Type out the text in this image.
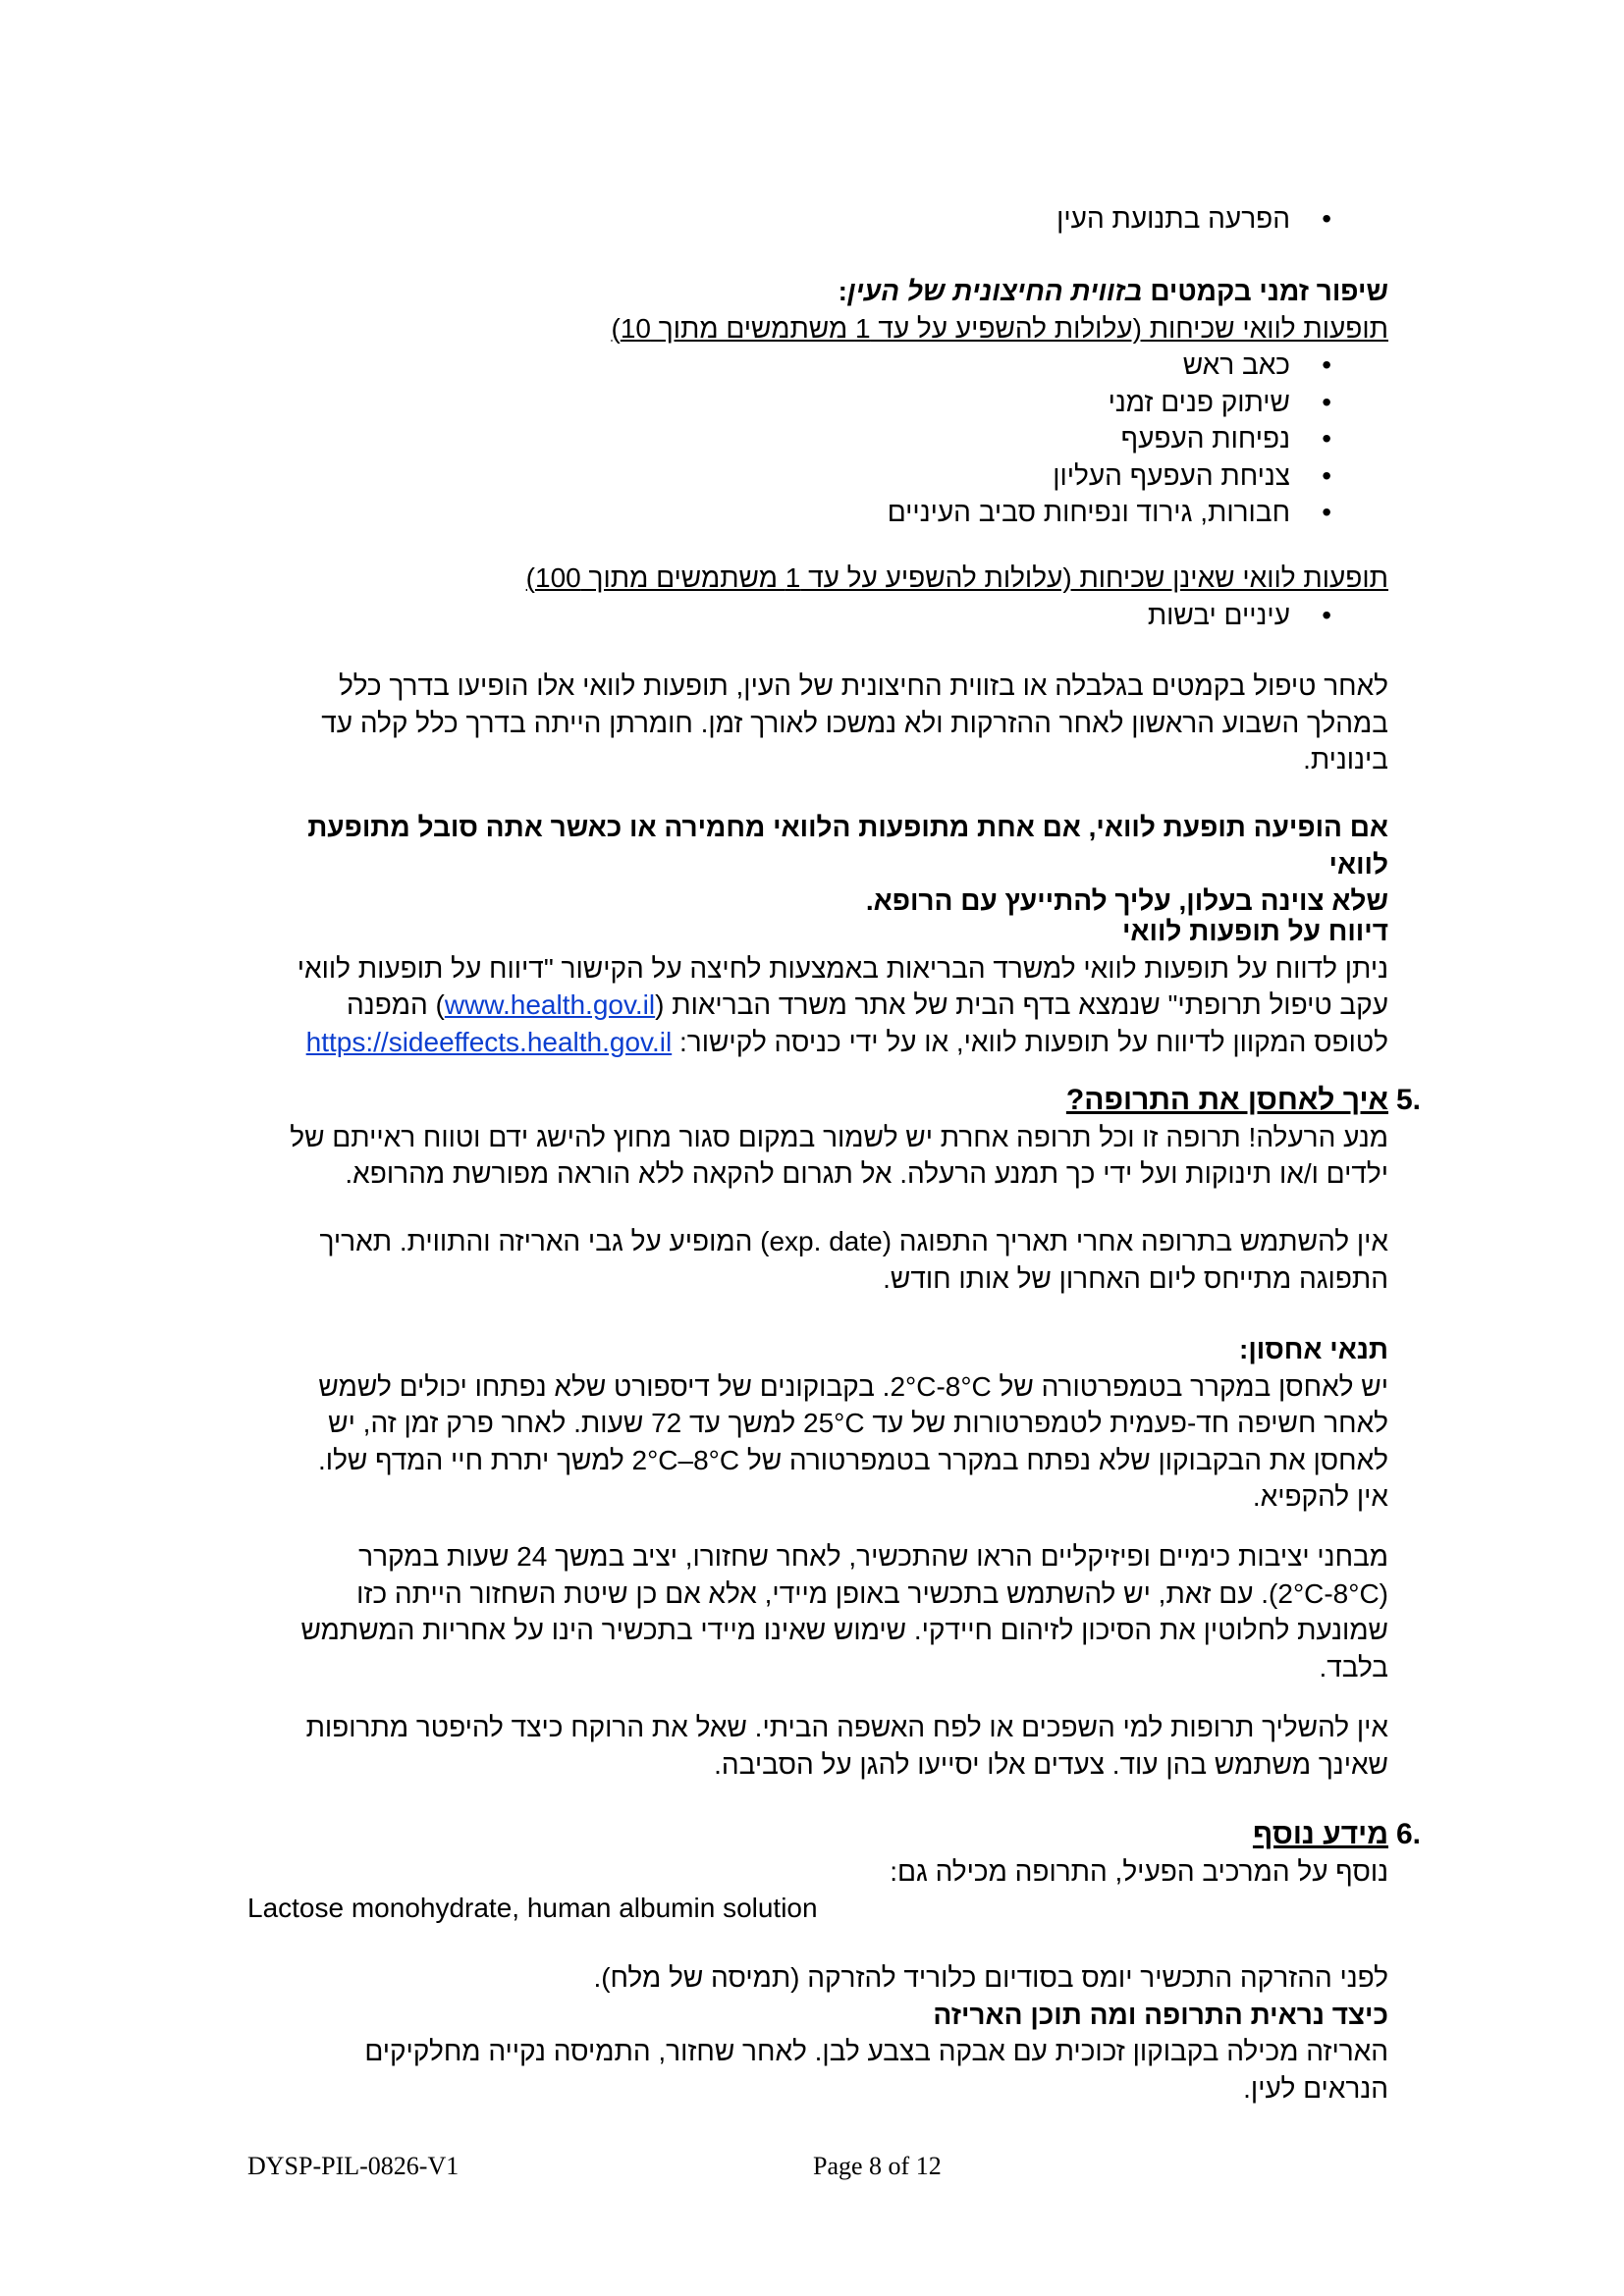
• הפרעה בתנועת העין

שיפור זמני בקמטים בזווית החיצונית של העין:

תופעות לוואי שכיחות (עלולות להשפיע על עד 1 משתמשים מתוך 10)

• כאב ראש
• שיתוק פנים זמני
• נפיחות העפעף
• צניחת העפעף העליון
• חבורות, גירוד ונפיחות סביב העיניים

תופעות לוואי שאינן שכיחות (עלולות להשפיע על עד 1 משתמשים מתוך 100)

• עיניים יבשות

לאחר טיפול בקמטים בגלבלה או בזווית החיצונית של העין, תופעות לוואי אלו הופיעו בדרך כלל

במהלך השבוע הראשון לאחר ההזרקות ולא נמשכו לאורך זמן. חומרתן הייתה בדרך כלל קלה עד

בינונית.

אם הופיעה תופעת לוואי, אם אחת מתופעות הלוואי מחמירה או כאשר אתה סובל מתופעת לוואי

שלא צוינה בעלון, עליך להתייעץ עם הרופא.

דיווח על תופעות לוואי

ניתן לדווח על תופעות לוואי למשרד הבריאות באמצעות לחיצה על הקישור "דיווח על תופעות לוואי

עקב טיפול תרופתי" שנמצא בדף הבית של אתר משרד הבריאות (www.health.gov.il) המפנה

לטופס המקוון לדיווח על תופעות לוואי, או על ידי כניסה לקישור: https://sideeffects.health.gov.il

5.
איך לאחסן את התרופה?

מנע הרעלה! תרופה זו וכל תרופה אחרת יש לשמור במקום סגור מחוץ להישג ידם וטווח ראייתם של

ילדים ו/או תינוקות ועל ידי כך תמנע הרעלה. אל תגרום להקאה ללא הוראה מפורשת מהרופא.

אין להשתמש בתרופה אחרי תאריך התפוגה (exp. date) המופיע על גבי האריזה והתווית. תאריך

התפוגה מתייחס ליום האחרון של אותו חודש.

תנאי אחסון:

יש לאחסן במקרר בטמפרטורה של 2°C-8°C. בקבוקונים של דיספורט שלא נפתחו יכולים לשמש

לאחר חשיפה חד-פעמית לטמפרטורות של עד 25°C למשך עד 72 שעות. לאחר פרק זמן זה, יש

לאחסן את הבקבוקון שלא נפתח במקרר בטמפרטורה של 2°C–8°C למשך יתרת חיי המדף שלו.

אין להקפיא.

מבחני יציבות כימיים ופיזיקליים הראו שהתכשיר, לאחר שחזורו, יציב במשך 24 שעות במקרר

(2°C-8°C). עם זאת, יש להשתמש בתכשיר באופן מיידי, אלא אם כן שיטת השחזור הייתה כזו

שמונעת לחלוטין את הסיכון לזיהום חיידקי. שימוש שאינו מיידי בתכשיר הינו על אחריות המשתמש

בלבד.

אין להשליך תרופות למי השפכים או לפח האשפה הביתי. שאל את הרוקח כיצד להיפטר מתרופות

שאינך משתמש בהן עוד. צעדים אלו יסייעו להגן על הסביבה.

6.
מידע נוסף

נוסף על המרכיב הפעיל, התרופה מכילה גם:

Lactose monohydrate, human albumin solution

לפני ההזרקה התכשיר יומס בסודיום כלוריד להזרקה (תמיסה של מלח).

כיצד נראית התרופה ומה תוכן האריזה

האריזה מכילה בקבוקון זכוכית עם אבקה בצבע לבן. לאחר שחזור, התמיסה נקייה מחלקיקים

הנראים לעין.

DYSP-PIL-0826-V1	Page 8 of 12
